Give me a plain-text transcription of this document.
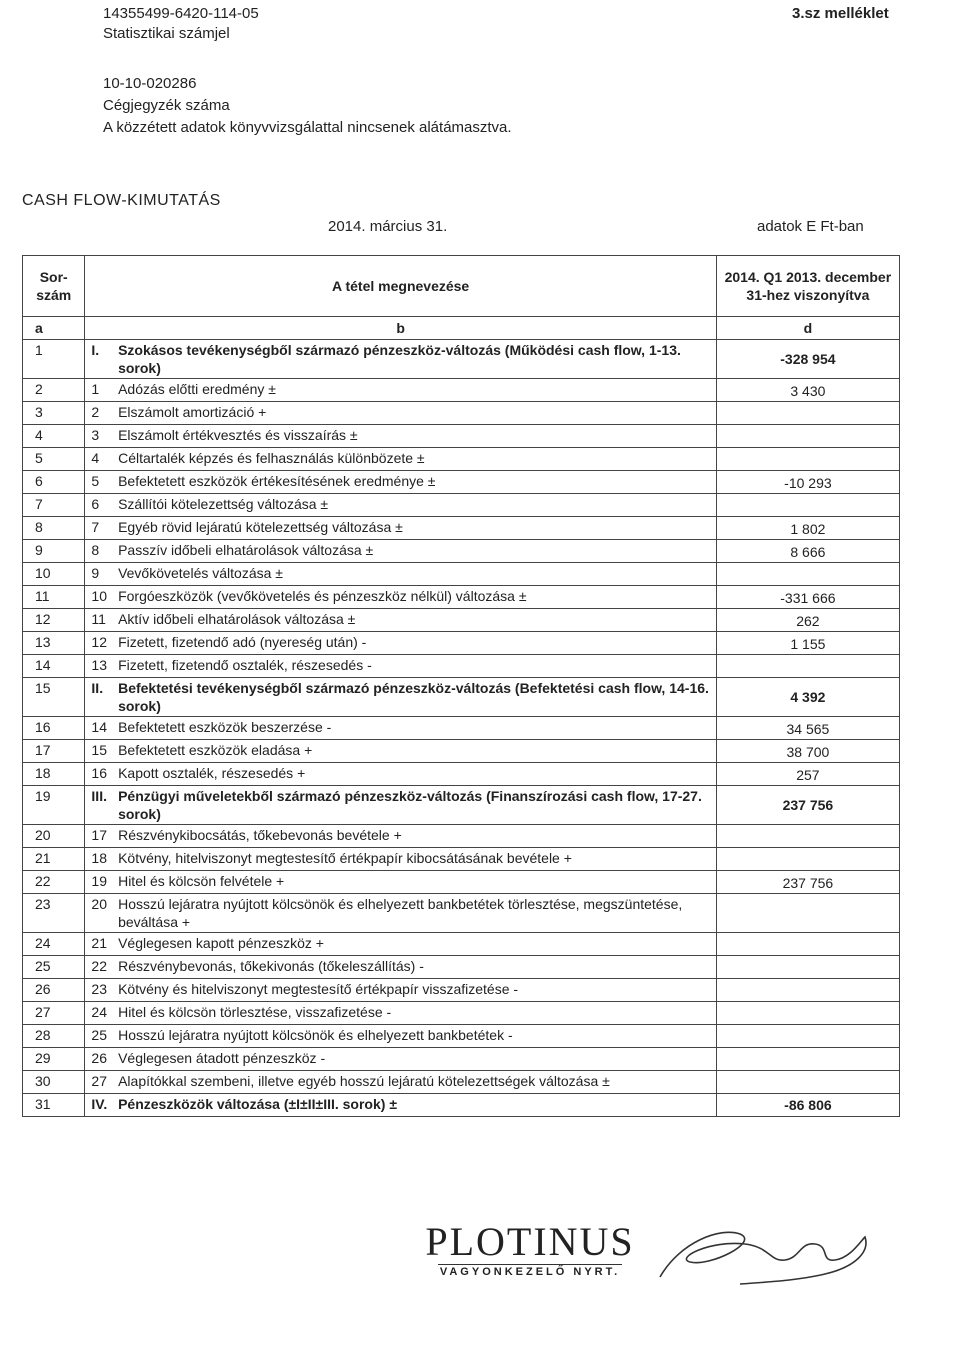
14355499-6420-114-05
Statisztikai számjel
3.sz melléklet
10-10-020286
Cégjegyzék száma
A közzétett adatok könyvvizsgálattal nincsenek alátámasztva.
CASH FLOW-KIMUTATÁS
2014. március 31.	adatok E Ft-ban
Sor-szám	A tétel megnevezése		2014. Q1 2013. december 31-hez viszonyítva
a	b		d
1	I.	Szokásos tevékenységből származó pénzeszköz-változás (Működési cash flow, 1-13. sorok)	-328 954
2	1	Adózás előtti eredmény ±	3 430
3	2	Elszámolt amortizáció +	
4	3	Elszámolt értékvesztés és visszaírás ±	
5	4	Céltartalék képzés és felhasználás különbözete ±	
6	5	Befektetett eszközök értékesítésének eredménye ±	-10 293
7	6	Szállítói kötelezettség változása ±	
8	7	Egyéb rövid lejáratú kötelezettség változása ±	1 802
9	8	Passzív időbeli elhatárolások változása ±	8 666
10	9	Vevőkövetelés változása ±	
11	10	Forgóeszközök (vevőkövetelés és pénzeszköz nélkül) változása ±	-331 666
12	11	Aktív időbeli elhatárolások változása ±	262
13	12	Fizetett, fizetendő adó (nyereség után) -	1 155
14	13	Fizetett, fizetendő osztalék, részesedés -	
15	II.	Befektetési tevékenységből származó pénzeszköz-változás (Befektetési cash flow, 14-16. sorok)	4 392
16	14	Befektetett eszközök beszerzése -	34 565
17	15	Befektetett eszközök eladása +	38 700
18	16	Kapott osztalék, részesedés +	257
19	III.	Pénzügyi műveletekből származó pénzeszköz-változás (Finanszírozási cash flow, 17-27. sorok)	237 756
20	17	Részvénykibocsátás, tőkebevonás bevétele +	
21	18	Kötvény, hitelviszonyt megtestesítő értékpapír kibocsátásának bevétele +	
22	19	Hitel és kölcsön felvétele +	237 756
23	20	Hosszú lejáratra nyújtott kölcsönök és elhelyezett bankbetétek törlesztése, megszüntetése, beváltása +	
24	21	Véglegesen kapott pénzeszköz +	
25	22	Részvénybevonás, tőkekivonás (tőkeleszállítás) -	
26	23	Kötvény és hitelviszonyt megtestesítő értékpapír visszafizetése -	
27	24	Hitel és kölcsön törlesztése, visszafizetése -	
28	25	Hosszú lejáratra nyújtott kölcsönök és elhelyezett bankbetétek -	
29	26	Véglegesen átadott pénzeszköz -	
30	27	Alapítókkal szembeni, illetve egyéb hosszú lejáratú kötelezettségek változása ±	
31	IV.	Pénzeszközök változása (±I±II±III. sorok) ±	-86 806
PLOTINUS
VAGYONKEZELŐ NYRT.
